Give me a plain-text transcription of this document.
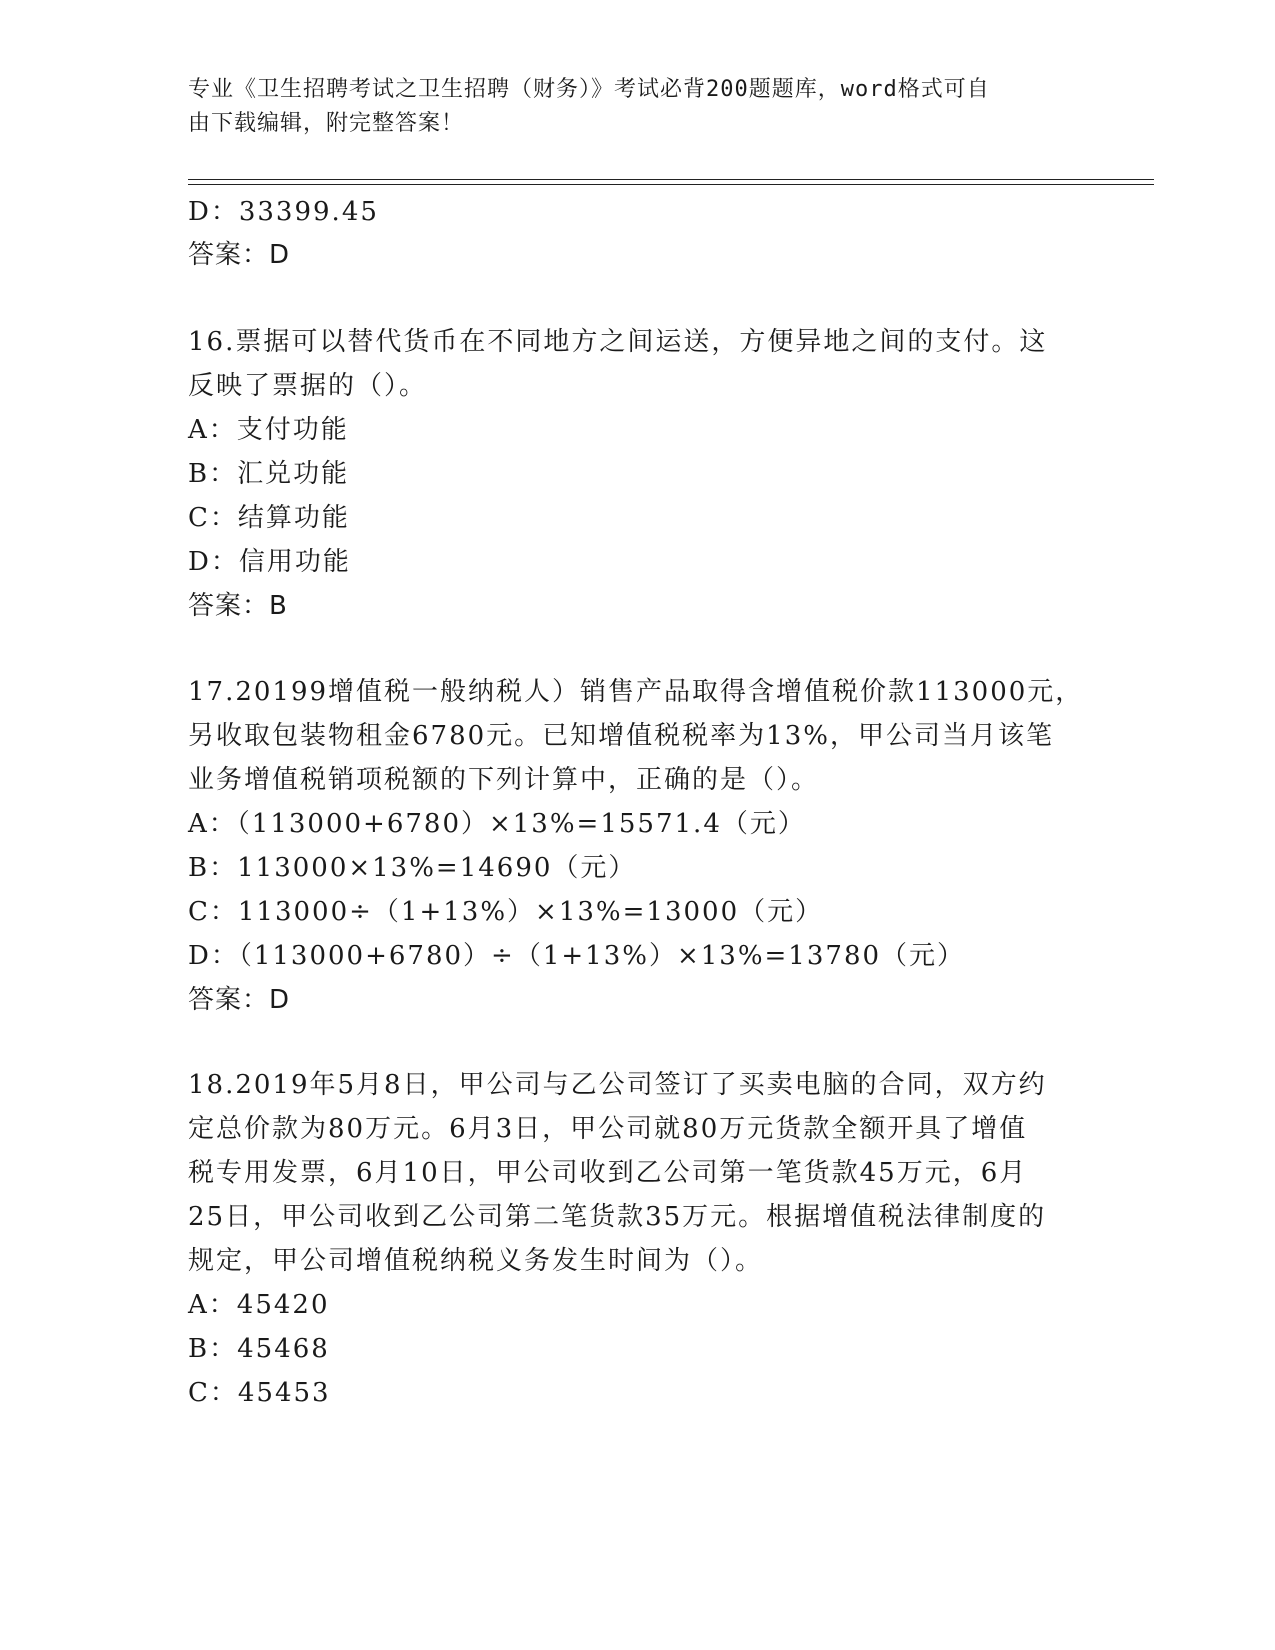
专业《卫生招聘考试之卫生招聘（财务）》考试必背200题题库，word格式可自
由下载编辑，附完整答案！
D：33399.45
答案：D
16.票据可以替代货币在不同地方之间运送，方便异地之间的支付。这
反映了票据的（）。
A：支付功能
B：汇兑功能
C：结算功能
D：信用功能
答案：B
17.20199增值税一般纳税人）销售产品取得含增值税价款113000元，
另收取包装物租金6780元。已知增值税税率为13%，甲公司当月该笔
业务增值税销项税额的下列计算中，正确的是（）。
A：（113000+6780）×13%=15571.4（元）
B：113000×13%=14690（元）
C：113000÷（1+13%）×13%=13000（元）
D：（113000+6780）÷（1+13%）×13%=13780（元）
答案：D
18.2019年5月8日，甲公司与乙公司签订了买卖电脑的合同，双方约
定总价款为80万元。6月3日，甲公司就80万元货款全额开具了增值
税专用发票，6月10日，甲公司收到乙公司第一笔货款45万元，6月
25日，甲公司收到乙公司第二笔货款35万元。根据增值税法律制度的
规定，甲公司增值税纳税义务发生时间为（）。
A：45420
B：45468
C：45453
